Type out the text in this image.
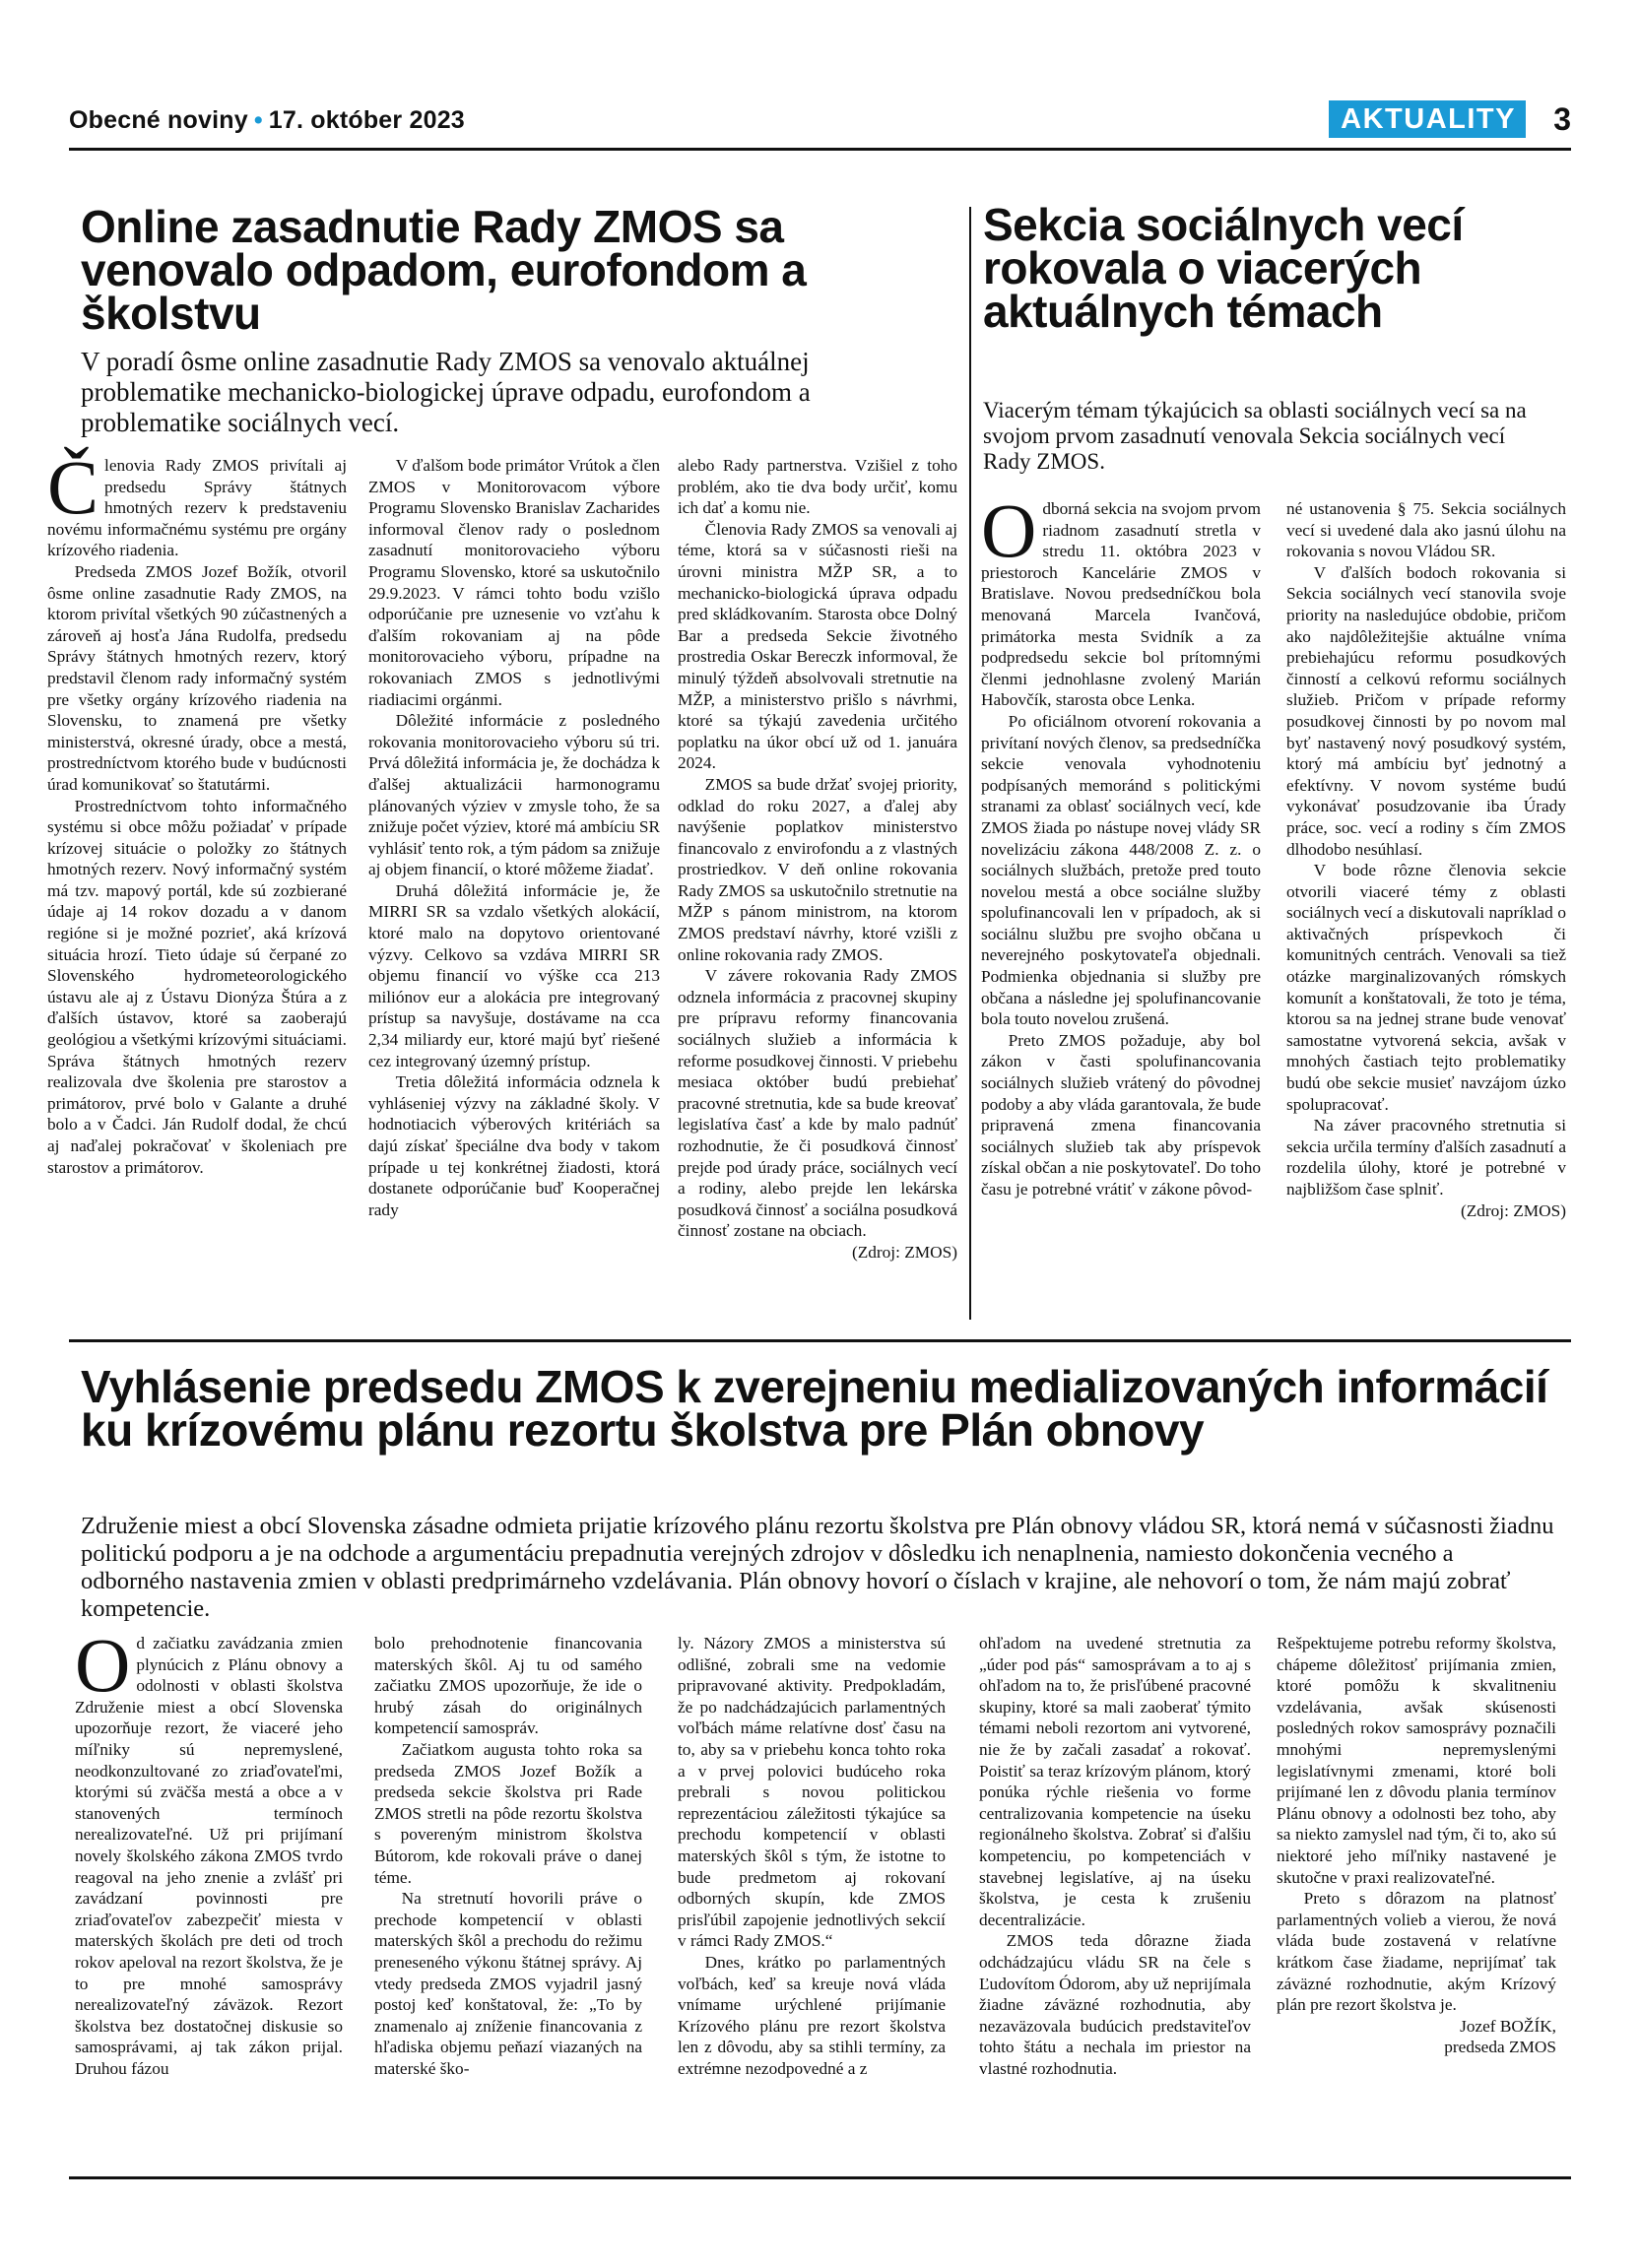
Obecné noviny • 17. október 2023	AKTUALITY	3
Online zasadnutie Rady ZMOS sa venovalo odpadom, eurofondom a školstvu
V poradí ôsme online zasadnutie Rady ZMOS sa venovalo aktuálnej problematike mechanicko-biologickej úprave odpadu, eurofondom a problematike sociálnych vecí.

Členovia Rady ZMOS privítali aj predsedu Správy štátnych hmotných rezerv k predstaveniu novému informačnému systému pre orgány krízového riadenia.

Predseda ZMOS Jozef Božík, otvoril ôsme online zasadnutie Rady ZMOS, na ktorom privítal všetkých 90 zúčastnených a zároveň aj hosťa Jána Rudolfa, predsedu Správy štátnych hmotných rezerv, ktorý predstavil členom rady informačný systém pre všetky orgány krízového riadenia na Slovensku, to znamená pre všetky ministerstvá, okresné úrady, obce a mestá, prostredníctvom ktorého bude v budúcnosti úrad komunikovať so štatutármi.

Prostredníctvom tohto informačného systému si obce môžu požiadať v prípade krízovej situácie o položky zo štátnych hmotných rezerv. Nový informačný systém má tzv. mapový portál, kde sú zozbierané údaje aj 14 rokov dozadu a v danom regióne si je možné pozrieť, aká krízová situácia hrozí. Tieto údaje sú čerpané zo Slovenského hydrometeorologického ústavu ale aj z Ústavu Dionýza Štúra a z ďalších ústavov, ktoré sa zaoberajú geológiou a všetkými krízovými situáciami. Správa štátnych hmotných rezerv realizovala dve školenia pre starostov a primátorov, prvé bolo v Galante a druhé bolo a v Čadci. Ján Rudolf dodal, že chcú aj naďalej pokračovať v školeniach pre starostov a primátorov.

V ďalšom bode primátor Vrútok a člen ZMOS v Monitorovacom výbore Programu Slovensko Branislav Zacharides informoval členov rady o poslednom zasadnutí monitorovacieho výboru Programu Slovensko, ktoré sa uskutočnilo 29.9.2023. V rámci tohto bodu vzišlo odporúčanie pre uznesenie vo vzťahu k ďalším rokovaniam aj na pôde monitorovacieho výboru, prípadne na rokovaniach ZMOS s jednotlivými riadiacimi orgánmi.

Dôležité informácie z posledného rokovania monitorovacieho výboru sú tri. Prvá dôležitá informácia je, že dochádza k ďalšej aktualizácii harmonogramu plánovaných výziev v zmysle toho, že sa znižuje počet výziev, ktoré má ambíciu SR vyhlásiť tento rok, a tým pádom sa znižuje aj objem financií, o ktoré môžeme žiadať.

Druhá dôležitá informácie je, že MIRRI SR sa vzdalo všetkých alokácií, ktoré malo na dopytovo orientované výzvy. Celkovo sa vzdáva MIRRI SR objemu financií vo výške cca 213 miliónov eur a alokácia pre integrovaný prístup sa navyšuje, dostávame na cca 2,34 miliardy eur, ktoré majú byť riešené cez integrovaný územný prístup.

Tretia dôležitá informácia odznela k vyhláseniej výzvy na základné školy. V hodnotiacich výberových kritériách sa dajú získať špeciálne dva body v takom prípade u tej konkrétnej žiadosti, ktorá dostanete odporúčanie buď Kooperačnej rady

alebo Rady partnerstva. Vzišiel z toho problém, ako tie dva body určiť, komu ich dať a komu nie.

Členovia Rady ZMOS sa venovali aj téme, ktorá sa v súčasnosti rieši na úrovni ministra MŽP SR, a to mechanicko-biologická úprava odpadu pred skládkovaním. Starosta obce Dolný Bar a predseda Sekcie životného prostredia Oskar Bereczk informoval, že minulý týždeň absolvovali stretnutie na MŽP, a ministerstvo prišlo s návrhmi, ktoré sa týkajú zavedenia určitého poplatku na úkor obcí už od 1. januára 2024.

ZMOS sa bude držať svojej priority, odklad do roku 2027, a ďalej aby navýšenie poplatkov ministerstvo financovalo z envirofondu a z vlastných prostriedkov. V deň online rokovania Rady ZMOS sa uskutočnilo stretnutie na MŽP s pánom ministrom, na ktorom ZMOS predstaví návrhy, ktoré vzišli z online rokovania rady ZMOS.

V závere rokovania Rady ZMOS odznela informácia z pracovnej skupiny pre prípravu reformy financovania sociálnych služieb a informácia k reforme posudkovej činnosti. V priebehu mesiaca október budú prebiehať pracovné stretnutia, kde sa bude kreovať legislatíva časť a kde by malo padnúť rozhodnutie, že či posudková činnosť prejde pod úrady práce, sociálnych vecí a rodiny, alebo prejde len lekárska posudková činnosť a sociálna posudková činnosť zostane na obciach.

(Zdroj: ZMOS)

Sekcia sociálnych vecí rokovala o viacerých aktuálnych témach
Viacerým témam týkajúcich sa oblasti sociálnych vecí sa na svojom prvom zasadnutí venovala Sekcia sociálnych vecí Rady ZMOS.

Odborná sekcia na svojom prvom riadnom zasadnutí stretla v stredu 11. októbra 2023 v priestoroch Kancelárie ZMOS v Bratislave. Novou predsedníčkou bola menovaná Marcela Ivančová, primátorka mesta Svidník a za podpredsedu sekcie bol prítomnými členmi jednohlasne zvolený Marián Habovčík, starosta obce Lenka.

Po oficiálnom otvorení rokovania a privítaní nových členov, sa predsedníčka sekcie venovala vyhodnoteniu podpísaných memoránd s politickými stranami za oblasť sociálnych vecí, kde ZMOS žiada po nástupe novej vlády SR novelizáciu zákona 448/2008 Z. z. o sociálnych službách, pretože pred touto novelou mestá a obce sociálne služby spolufinancovali len v prípadoch, ak si sociálnu službu pre svojho občana u neverejného poskytovateľa objednali. Podmienka objednania si služby pre občana a následne jej spolufinancovanie bola touto novelou zrušená.

Preto ZMOS požaduje, aby bol zákon v časti spolufinancovania sociálnych služieb vrátený do pôvodnej podoby a aby vláda garantovala, že bude pripravená zmena financovania sociálnych služieb tak aby príspevok získal občan a nie poskytovateľ. Do toho času je potrebné vrátiť v zákone pôvod-

né ustanovenia § 75. Sekcia sociálnych vecí si uvedené dala ako jasnú úlohu na rokovania s novou Vládou SR.

V ďalších bodoch rokovania si Sekcia sociálnych vecí stanovila svoje priority na nasledujúce obdobie, pričom ako najdôležitejšie aktuálne vníma prebiehajúcu reformu posudkových činností a celkovú reformu sociálnych služieb. Pričom v prípade reformy posudkovej činnosti by po novom mal byť nastavený nový posudkový systém, ktorý má ambíciu byť jednotný a efektívny. V novom systéme budú vykonávať posudzovanie iba Úrady práce, soc. vecí a rodiny s čím ZMOS dlhodobo nesúhlasí.

V bode rôzne členovia sekcie otvorili viaceré témy z oblasti sociálnych vecí a diskutovali napríklad o aktivačných príspevkoch či komunitných centrách. Venovali sa tiež otázke marginalizovaných rómskych komunít a konštatovali, že toto je téma, ktorou sa na jednej strane bude venovať samostatne vytvorená sekcia, avšak v mnohých častiach tejto problematiky budú obe sekcie musieť navzájom úzko spolupracovať.

Na záver pracovného stretnutia si sekcia určila termíny ďalších zasadnutí a rozdelila úlohy, ktoré je potrebné v najbližšom čase splniť.

(Zdroj: ZMOS)

Vyhlásenie predsedu ZMOS k zverejneniu medializovaných informácií ku krízovému plánu rezortu školstva pre Plán obnovy
Združenie miest a obcí Slovenska zásadne odmieta prijatie krízového plánu rezortu školstva pre Plán obnovy vládou SR, ktorá nemá v súčasnosti žiadnu politickú podporu a je na odchode a argumentáciu prepadnutia verejných zdrojov v dôsledku ich nenaplnenia, namiesto dokončenia vecného a odborného nastavenia zmien v oblasti predprimárneho vzdelávania. Plán obnovy hovorí o číslach v krajine, ale nehovorí o tom, že nám majú zobrať kompetencie.

Od začiatku zavádzania zmien plynúcich z Plánu obnovy a odolnosti v oblasti školstva Združenie miest a obcí Slovenska upozorňuje rezort, že viaceré jeho míľniky sú nepremyslené, neodkonzultované zo zriaďovateľmi, ktorými sú zväčša mestá a obce a v stanovených termínoch nerealizovateľné. Už pri prijímaní novely školského zákona ZMOS tvrdo reagoval na jeho znenie a zvlášť pri zavádzaní povinnosti pre zriaďovateľov zabezpečiť miesta v materských školách pre deti od troch rokov apeloval na rezort školstva, že je to pre mnohé samosprávy nerealizovateľný záväzok. Rezort školstva bez dostatočnej diskusie so samosprávami, aj tak zákon prijal. Druhou fázou

bolo prehodnotenie financovania materských škôl. Aj tu od samého začiatku ZMOS upozorňuje, že ide o hrubý zásah do originálnych kompetencií samospráv.

Začiatkom augusta tohto roka sa predseda ZMOS Jozef Božík a predseda sekcie školstva pri Rade ZMOS stretli na pôde rezortu školstva s povereným ministrom školstva Bútorom, kde rokovali práve o danej téme.

Na stretnutí hovorili práve o prechode kompetencií v oblasti materských škôl a prechodu do režimu preneseného výkonu štátnej správy. Aj vtedy predseda ZMOS vyjadril jasný postoj keď konštatoval, že: „To by znamenalo aj zníženie financovania z hľadiska objemu peňazí viazaných na materské ško-

ly. Názory ZMOS a ministerstva sú odlišné, zobrali sme na vedomie pripravované aktivity. Predpokladám, že po nadchádzajúcich parlamentných voľbách máme relatívne dosť času na to, aby sa v priebehu konca tohto roka a v prvej polovici budúceho roka prebrali s novou politickou reprezentáciou záležitosti týkajúce sa prechodu kompetencií v oblasti materských škôl s tým, že istotne to bude predmetom aj rokovaní odborných skupín, kde ZMOS prisľúbil zapojenie jednotlivých sekcií v rámci Rady ZMOS.“

Dnes, krátko po parlamentných voľbách, keď sa kreuje nová vláda vnímame urýchlené prijímanie Krízového plánu pre rezort školstva len z dôvodu, aby sa stihli termíny, za extrémne nezodpovedné a z

ohľadom na uvedené stretnutia za „úder pod pás“ samosprávam a to aj s ohľadom na to, že prisľúbené pracovné skupiny, ktoré sa mali zaoberať týmito témami neboli rezortom ani vytvorené, nie že by začali zasadať a rokovať. Poistiť sa teraz krízovým plánom, ktorý ponúka rýchle riešenia vo forme centralizovania kompetencie na úseku regionálneho školstva. Zobrať si ďalšiu kompetenciu, po kompetenciách v stavebnej legislatíve, aj na úseku školstva, je cesta k zrušeniu decentralizácie.

ZMOS teda dôrazne žiada odchádzajúcu vládu SR na čele s Ľudovítom Ódorom, aby už neprijímala žiadne záväzné rozhodnutia, aby nezaväzovala budúcich predstaviteľov tohto štátu a nechala im priestor na vlastné rozhodnutia.

Rešpektujeme potrebu reformy školstva, chápeme dôležitosť prijímania zmien, ktoré pomôžu k skvalitneniu vzdelávania, avšak skúsenosti posledných rokov samosprávy poznačili mnohými nepremyslenými legislatívnymi zmenami, ktoré boli prijímané len z dôvodu plania termínov Plánu obnovy a odolnosti bez toho, aby sa niekto zamyslel nad tým, či to, ako sú niektoré jeho míľniky nastavené je skutočne v praxi realizovateľné.

Preto s dôrazom na platnosť parlamentných volieb a vierou, že nová vláda bude zostavená v relatívne krátkom čase žiadame, neprijímať tak záväzné rozhodnutie, akým Krízový plán pre rezort školstva je.

Jozef BOŽÍK,

predseda ZMOS
